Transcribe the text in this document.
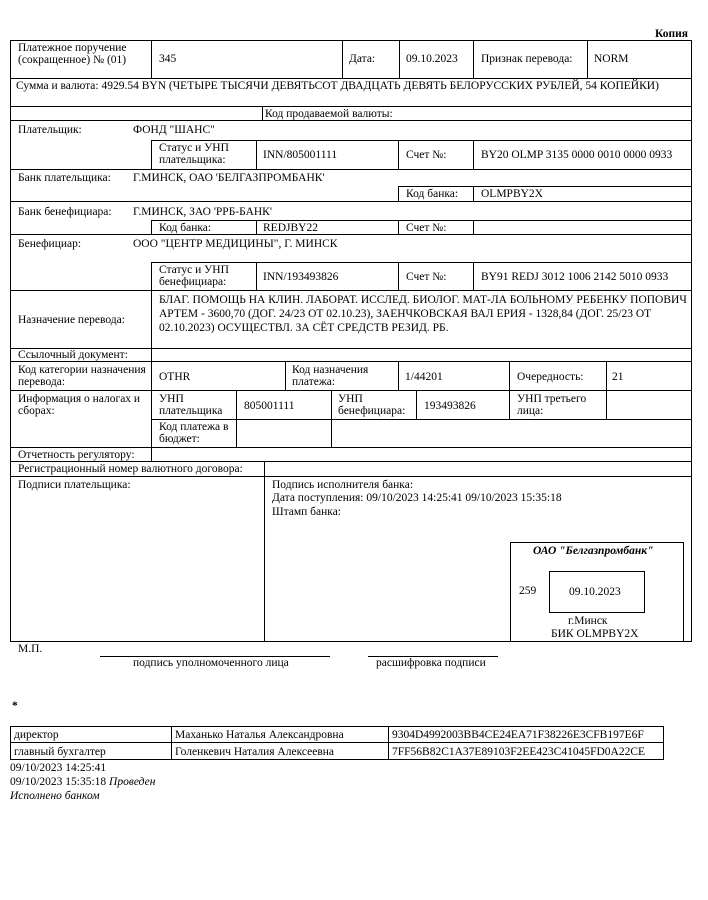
Копия
Платежное поручение (сокращенное) № (01)	345	Дата:	09.10.2023 Признак перевода: NORM
Сумма и валюта: 4929.54 BYN (ЧЕТЫРЕ ТЫСЯЧИ ДЕВЯТЬСОТ ДВАДЦАТЬ ДЕВЯТЬ БЕЛОРУССКИХ РУБЛЕЙ, 54 КОПЕЙКИ)
Код продаваемой валюты:
Плательщик:	ФОНД "ШАНС"
Статус и УНП плательщика:	INN/805001111	Счет №:	BY20 OLMP 3135 0000 0010 0000 0933
Банк плательщика: Г.МИНСК, ОАО 'БЕЛГАЗПРОМБАНК'
Код банка: OLMPBY2X
Банк бенефициара: Г.МИНСК, ЗАО 'РРБ-БАНК'
Код банка:	REDJBY22	Счет №:
Бенефициар:	ООО "ЦЕНТР МЕДИЦИНЫ", Г. МИНСК
Статус и УНП бенефициара:	INN/193493826	Счет №:	BY91 REDJ 3012 1006 2142 5010 0933
Назначение перевода:
БЛАГ. ПОМОЩЬ НА КЛИН. ЛАБОРАТ. ИССЛЕД. БИОЛОГ. МАТ-ЛА БОЛЬНОМУ РЕБЕНКУ ПОПОВИЧ АРТЕМ - 3600,70 (ДОГ. 24/23 ОТ 02.10.23), ЗАЕНЧКОВСКАЯ ВАЛ ЕРИЯ - 1328,84 (ДОГ. 25/23 ОТ 02.10.2023) ОСУЩЕСТВЛ. ЗА СЁТ СРЕДСТВ РЕЗИД. РБ.
Ссылочный документ:
Код категории назначения перевода:	OTHR
Код назначения платежа:	1/44201	Очередность: 21
Информация о налогах и сборах:
УНП плательщика	805001111
УНП бенефициара:	193493826
УНП третьего лица:
Код платежа в бюджет:
Отчетность регулятору:
Регистрационный номер валютного договора:
Подписи плательщика:	Подпись исполнителя банка:
Дата поступления: 09/10/2023 14:25:41 09/10/2023 15:35:18
Штамп банка:
ОАО "Белгазпромбанк"
259	09.10.2023
г.Минск
БИК OLMPBY2X
М.П.
подпись уполномоченного лица	расшифровка подписи
*
директор	Маханько Наталья Александровна	9304D4992003BB4CE24EA71F38226E3CFB197E6F
главный бухгалтер	Голенкевич Наталия Алексеевна	7FF56B82C1A37E89103F2EE423C41045FD0A22CE
09/10/2023 14:25:41
09/10/2023 15:35:18 Проведен
Исполнено банком
